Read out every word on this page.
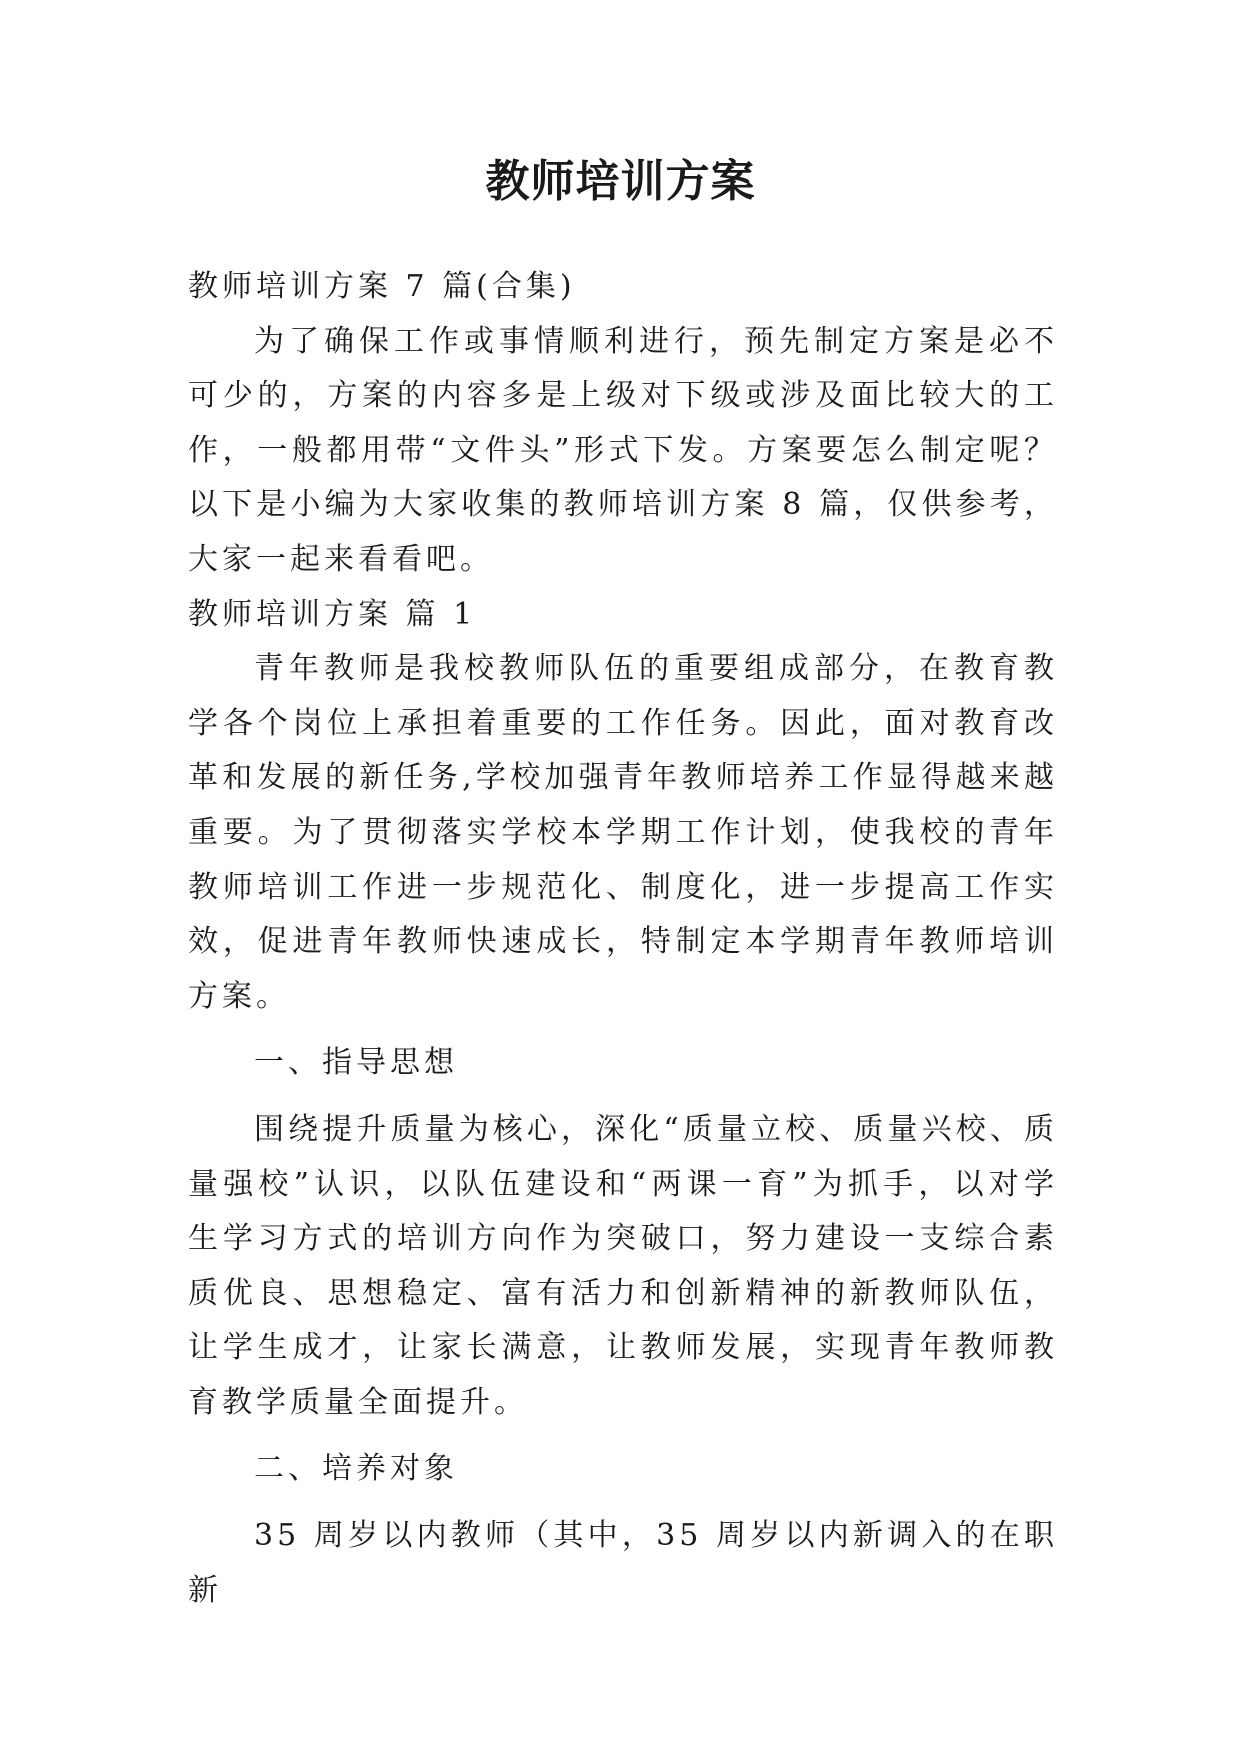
教师培训方案

教师培训方案 7 篇(合集)

为了确保工作或事情顺利进行，预先制定方案是必不可少的，方案的内容多是上级对下级或涉及面比较大的工作，一般都用带“文件头”形式下发。方案要怎么制定呢？以下是小编为大家收集的教师培训方案 8 篇，仅供参考，大家一起来看看吧。

教师培训方案 篇 1

青年教师是我校教师队伍的重要组成部分，在教育教学各个岗位上承担着重要的工作任务。因此，面对教育改革和发展的新任务,学校加强青年教师培养工作显得越来越重要。为了贯彻落实学校本学期工作计划，使我校的青年教师培训工作进一步规范化、制度化，进一步提高工作实效，促进青年教师快速成长，特制定本学期青年教师培训方案。

一、指导思想

围绕提升质量为核心，深化“质量立校、质量兴校、质量强校”认识，以队伍建设和“两课一育”为抓手，以对学生学习方式的培训方向作为突破口，努力建设一支综合素质优良、思想稳定、富有活力和创新精神的新教师队伍，让学生成才，让家长满意，让教师发展，实现青年教师教育教学质量全面提升。

二、培养对象

35 周岁以内教师（其中，35 周岁以内新调入的在职新
